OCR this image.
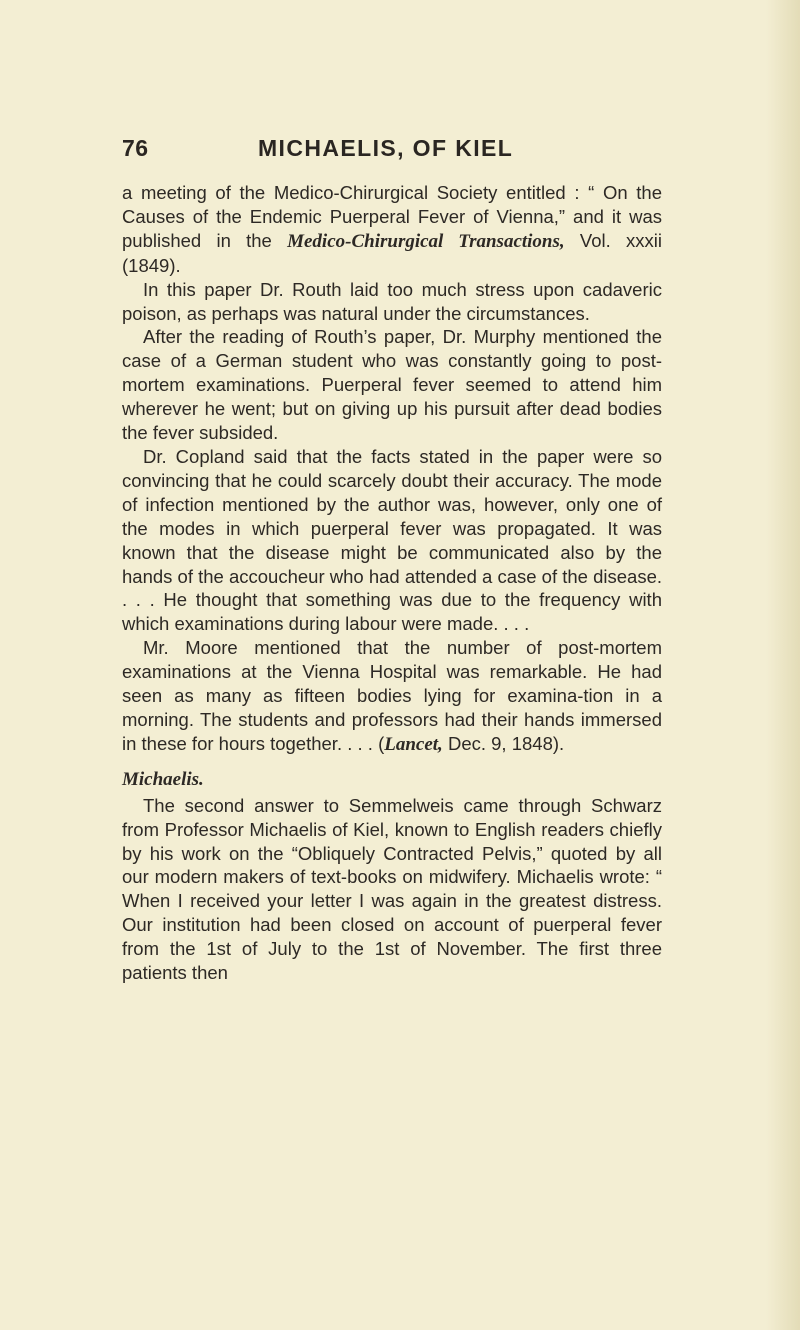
76	MICHAELIS, OF KIEL

a meeting of the Medico-Chirurgical Society entitled : “ On the Causes of the Endemic Puerperal Fever of Vienna,” and it was published in the Medico-Chirurgical Transactions, Vol. xxxii (1849).

In this paper Dr. Routh laid too much stress upon cadaveric poison, as perhaps was natural under the circumstances.

After the reading of Routh’s paper, Dr. Murphy mentioned the case of a German student who was constantly going to post-mortem examinations. Puerperal fever seemed to attend him wherever he went; but on giving up his pursuit after dead bodies the fever subsided.

Dr. Copland said that the facts stated in the paper were so convincing that he could scarcely doubt their accuracy. The mode of infection mentioned by the author was, however, only one of the modes in which puerperal fever was propagated. It was known that the disease might be communicated also by the hands of the accoucheur who had attended a case of the disease. . . . He thought that something was due to the frequency with which examinations during labour were made. . . .

Mr. Moore mentioned that the number of post-mortem examinations at the Vienna Hospital was remarkable. He had seen as many as fifteen bodies lying for examina-tion in a morning. The students and professors had their hands immersed in these for hours together. . . . (Lancet, Dec. 9, 1848).

Michaelis.

The second answer to Semmelweis came through Schwarz from Professor Michaelis of Kiel, known to English readers chiefly by his work on the “Obliquely Contracted Pelvis,” quoted by all our modern makers of text-books on midwifery. Michaelis wrote: “ When I received your letter I was again in the greatest distress. Our institution had been closed on account of puerperal fever from the 1st of July to the 1st of November. The first three patients then
